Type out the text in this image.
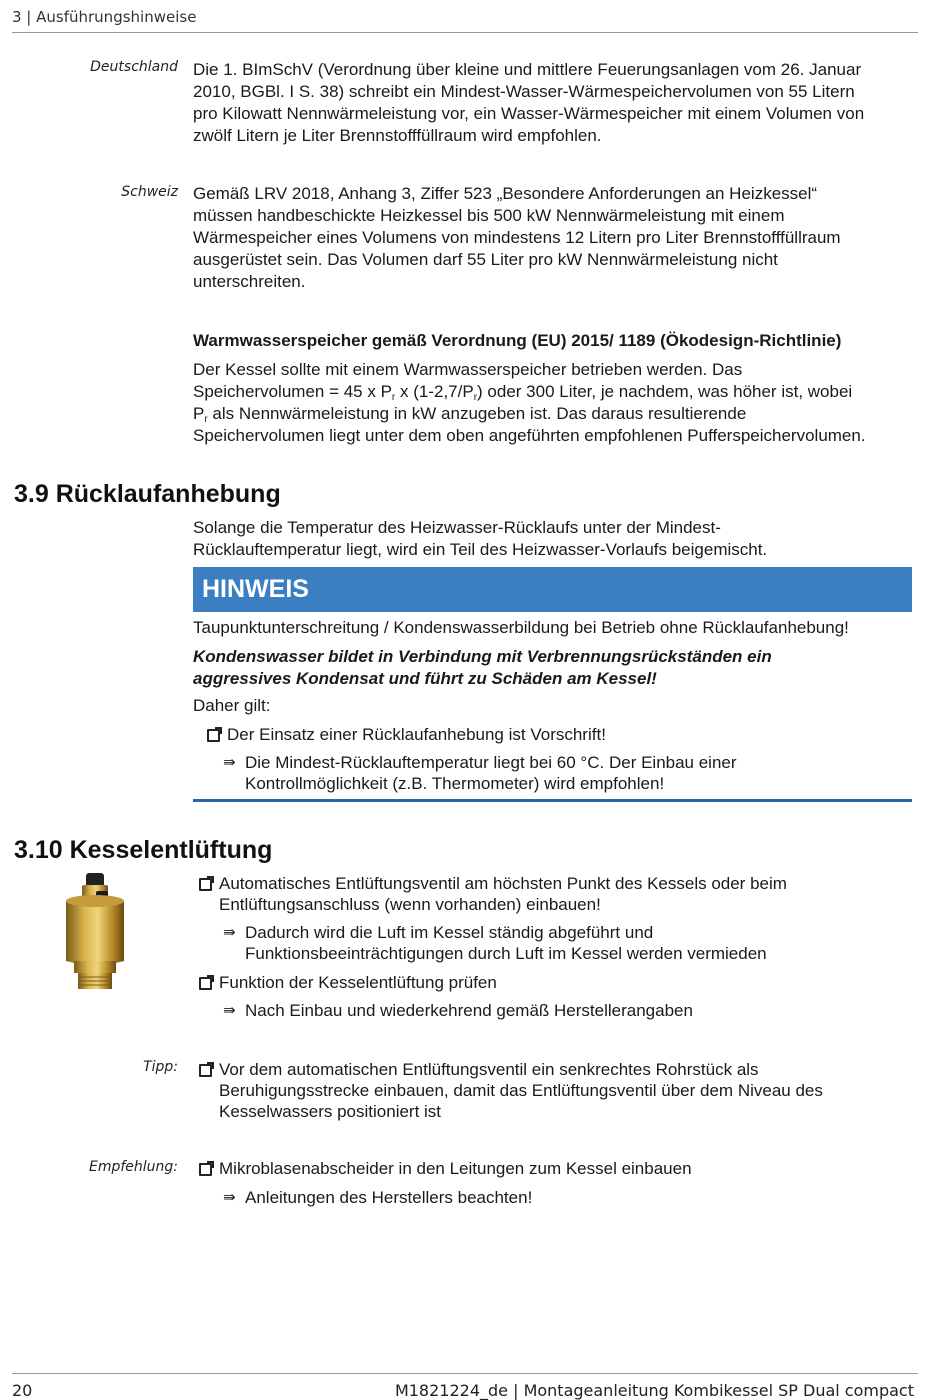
3 | Ausführungshinweise
Deutschland Die 1. BImSchV (Verordnung über kleine und mittlere Feuerungsanlagen vom 26. Januar

2010, BGBl. I S. 38) schreibt ein Mindest-Wasser-Wärmespeichervolumen von 55 Litern

pro Kilowatt Nennwärmeleistung vor, ein Wasser-Wärmespeicher mit einem Volumen von

zwölf Litern je Liter Brennstofffüllraum wird empfohlen.

Schweiz Gemäß LRV 2018, Anhang 3, Ziffer 523 „Besondere Anforderungen an Heizkessel“

müssen handbeschickte Heizkessel bis 500 kW Nennwärmeleistung mit einem

Wärmespeicher eines Volumens von mindestens 12 Litern pro Liter Brennstofffüllraum

ausgerüstet sein. Das Volumen darf 55 Liter pro kW Nennwärmeleistung nicht

unterschreiten.

Warmwasserspeicher gemäß Verordnung (EU) 2015/ 1189 (Ökodesign-Richtlinie)

Der Kessel sollte mit einem Warmwasserspeicher betrieben werden. Das

Speichervolumen = 45 x $P_r$ x $(1-2,7/P_r)$ oder 300 Liter, je nachdem, was höher ist, wobei

$P_r$ als Nennwärmeleistung in kW anzugeben ist. Das daraus resultierende

Speichervolumen liegt unter dem oben angeführten empfohlenen Pufferspeichervolumen.

3.9 Rücklaufanhebung

Solange die Temperatur des Heizwasser-Rücklaufs unter der Mindest-

Rücklauftemperatur liegt, wird ein Teil des Heizwasser-Vorlaufs beigemischt.

HINWEIS
Taupunktunterschreitung / Kondenswasserbildung bei Betrieb ohne Rücklaufanhebung!

Kondenswasser bildet in Verbindung mit Verbrennungsrückständen ein

aggressives Kondensat und führt zu Schäden am Kessel!

Daher gilt:
Der Einsatz einer Rücklaufanhebung ist Vorschrift!
⇛ Die Mindest-Rücklauftemperatur liegt bei 60 °C. Der Einbau einer
Kontrollmöglichkeit (z.B. Thermometer) wird empfohlen!
3.10 Kesselentlüftung
Automatisches Entlüftungsventil am höchsten Punkt des Kessels oder beim
Entlüftungsanschluss (wenn vorhanden) einbauen!
⇛ Dadurch wird die Luft im Kessel ständig abgeführt und
Funktionsbeeinträchtigungen durch Luft im Kessel werden vermieden
Funktion der Kesselentlüftung prüfen
⇛ Nach Einbau und wiederkehrend gemäß Herstellerangaben
Tipp: Vor dem automatischen Entlüftungsventil ein senkrechtes Rohrstück als
Beruhigungsstrecke einbauen, damit das Entlüftungsventil über dem Niveau des
Kesselwassers positioniert ist
Empfehlung: Mikroblasenabscheider in den Leitungen zum Kessel einbauen
⇛ Anleitungen des Herstellers beachten!
20	M1821224_de | Montageanleitung Kombikessel SP Dual compact
